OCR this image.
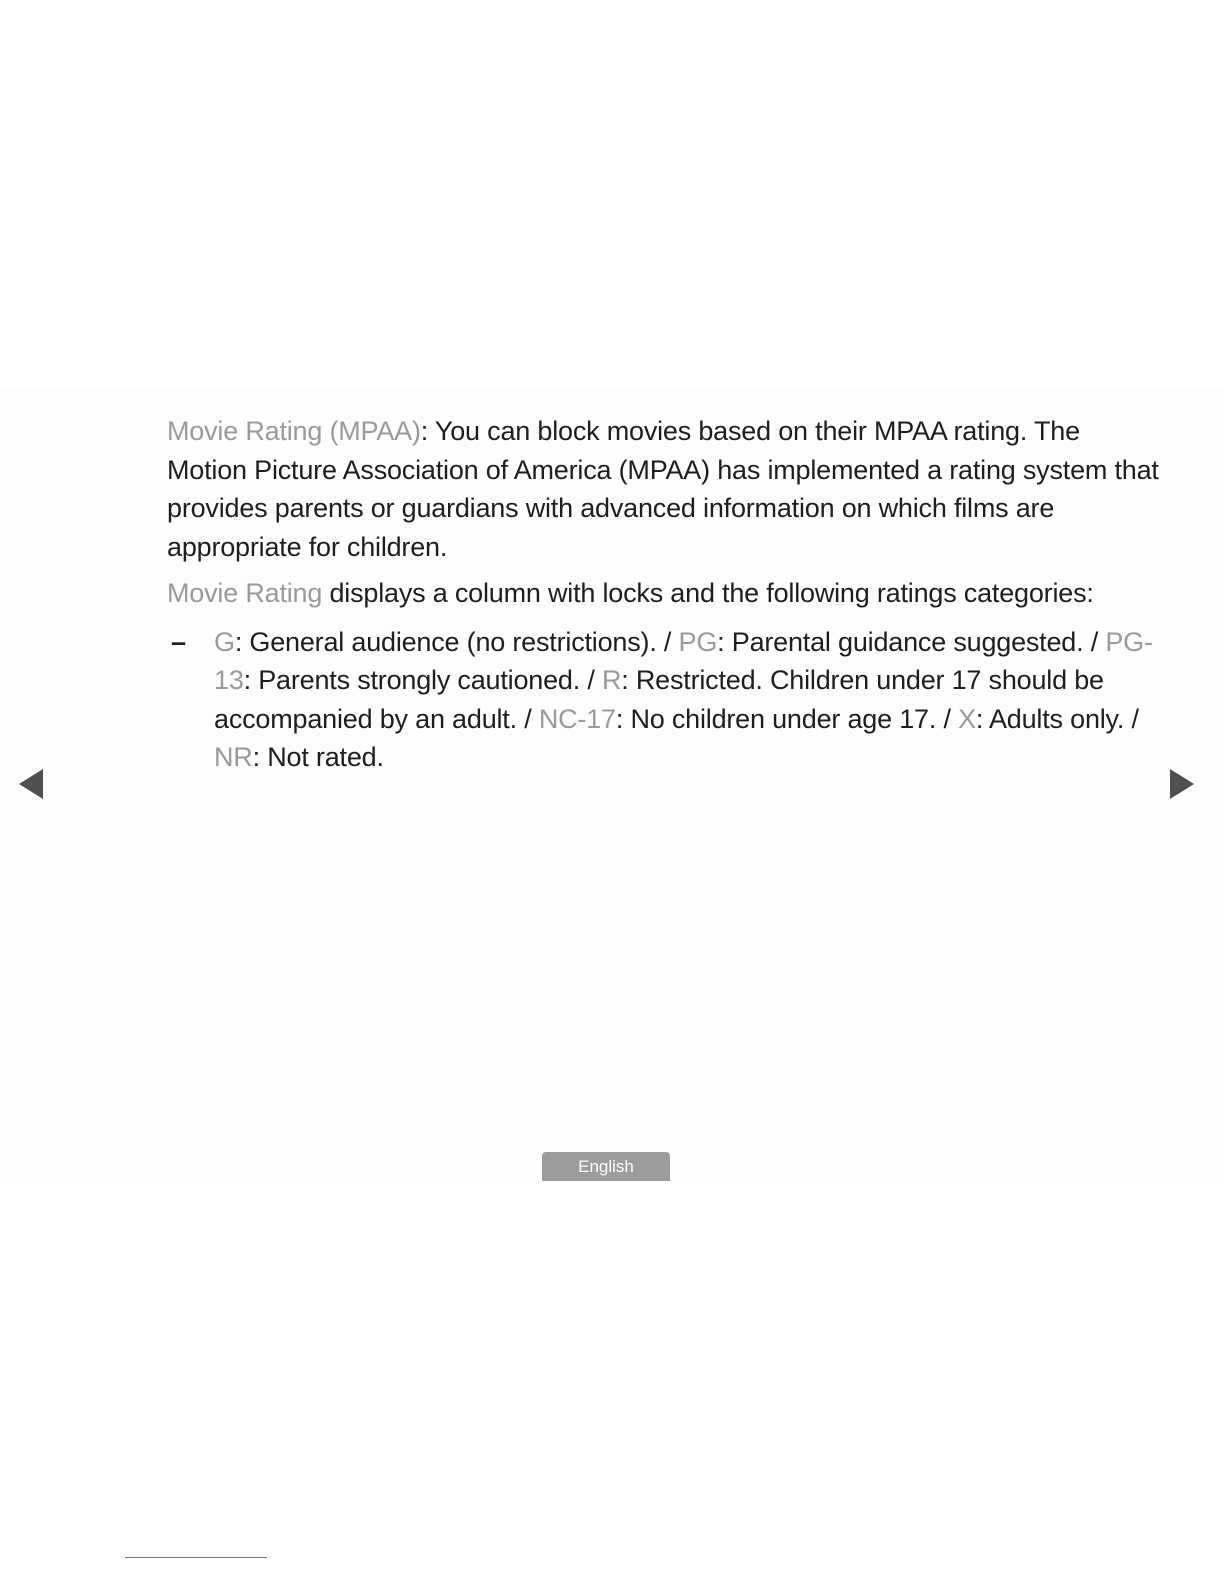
Movie Rating (MPAA): You can block movies based on their MPAA rating. The Motion Picture Association of America (MPAA) has implemented a rating system that provides parents or guardians with advanced information on which films are appropriate for children.

Movie Rating displays a column with locks and the following ratings categories:

– G: General audience (no restrictions). / PG: Parental guidance suggested. / PG-13: Parents strongly cautioned. / R: Restricted. Children under 17 should be accompanied by an adult. / NC-17: No children under age 17. / X: Adults only. / NR: Not rated.
English
